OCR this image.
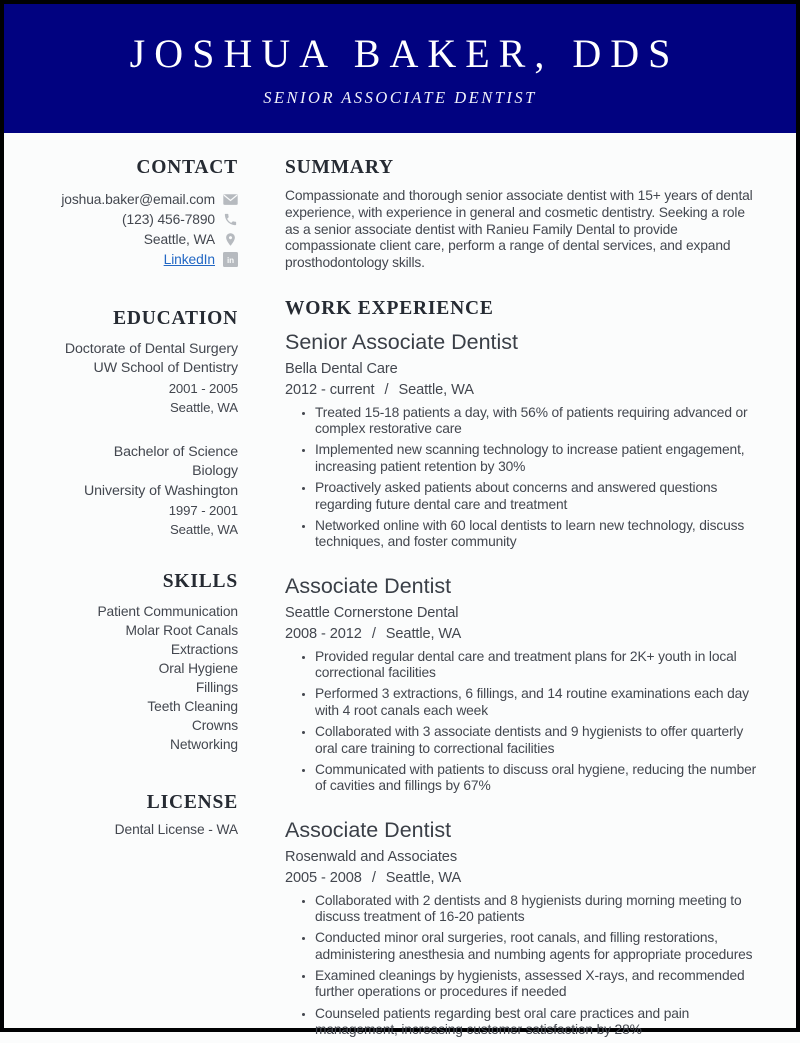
JOSHUA BAKER, DDS
SENIOR ASSOCIATE DENTIST
CONTACT
joshua.baker@email.com
(123) 456-7890
Seattle, WA
LinkedIn in
EDUCATION
Doctorate of Dental Surgery
UW School of Dentistry
2001 - 2005
Seattle, WA
Bachelor of Science
Biology
University of Washington
1997 - 2001
Seattle, WA
SKILLS
Patient Communication
Molar Root Canals
Extractions
Oral Hygiene
Fillings
Teeth Cleaning
Crowns
Networking
LICENSE
Dental License - WA
SUMMARY

Compassionate and thorough senior associate dentist with 15+ years of dental experience, with experience in general and cosmetic dentistry. Seeking a role as a senior associate dentist with Ranieu Family Dental to provide compassionate client care, perform a range of dental services, and expand prosthodontology skills.

WORK EXPERIENCE
Senior Associate Dentist
Bella Dental Care
2012 - current / Seattle, WA
• Treated 15-18 patients a day, with 56% of patients requiring advanced or complex restorative care
• Implemented new scanning technology to increase patient engagement, increasing patient retention by 30%
• Proactively asked patients about concerns and answered questions regarding future dental care and treatment
• Networked online with 60 local dentists to learn new technology, discuss techniques, and foster community
Associate Dentist
Seattle Cornerstone Dental
2008 - 2012 / Seattle, WA
• Provided regular dental care and treatment plans for 2K+ youth in local correctional facilities
• Performed 3 extractions, 6 fillings, and 14 routine examinations each day with 4 root canals each week
• Collaborated with 3 associate dentists and 9 hygienists to offer quarterly oral care training to correctional facilities
• Communicated with patients to discuss oral hygiene, reducing the number of cavities and fillings by 67%
Associate Dentist
Rosenwald and Associates
2005 - 2008 / Seattle, WA
• Collaborated with 2 dentists and 8 hygienists during morning meeting to discuss treatment of 16-20 patients
• Conducted minor oral surgeries, root canals, and filling restorations, administering anesthesia and numbing agents for appropriate procedures
• Examined cleanings by hygienists, assessed X-rays, and recommended further operations or procedures if needed
• Counseled patients regarding best oral care practices and pain management, increasing customer satisfaction by 28%
